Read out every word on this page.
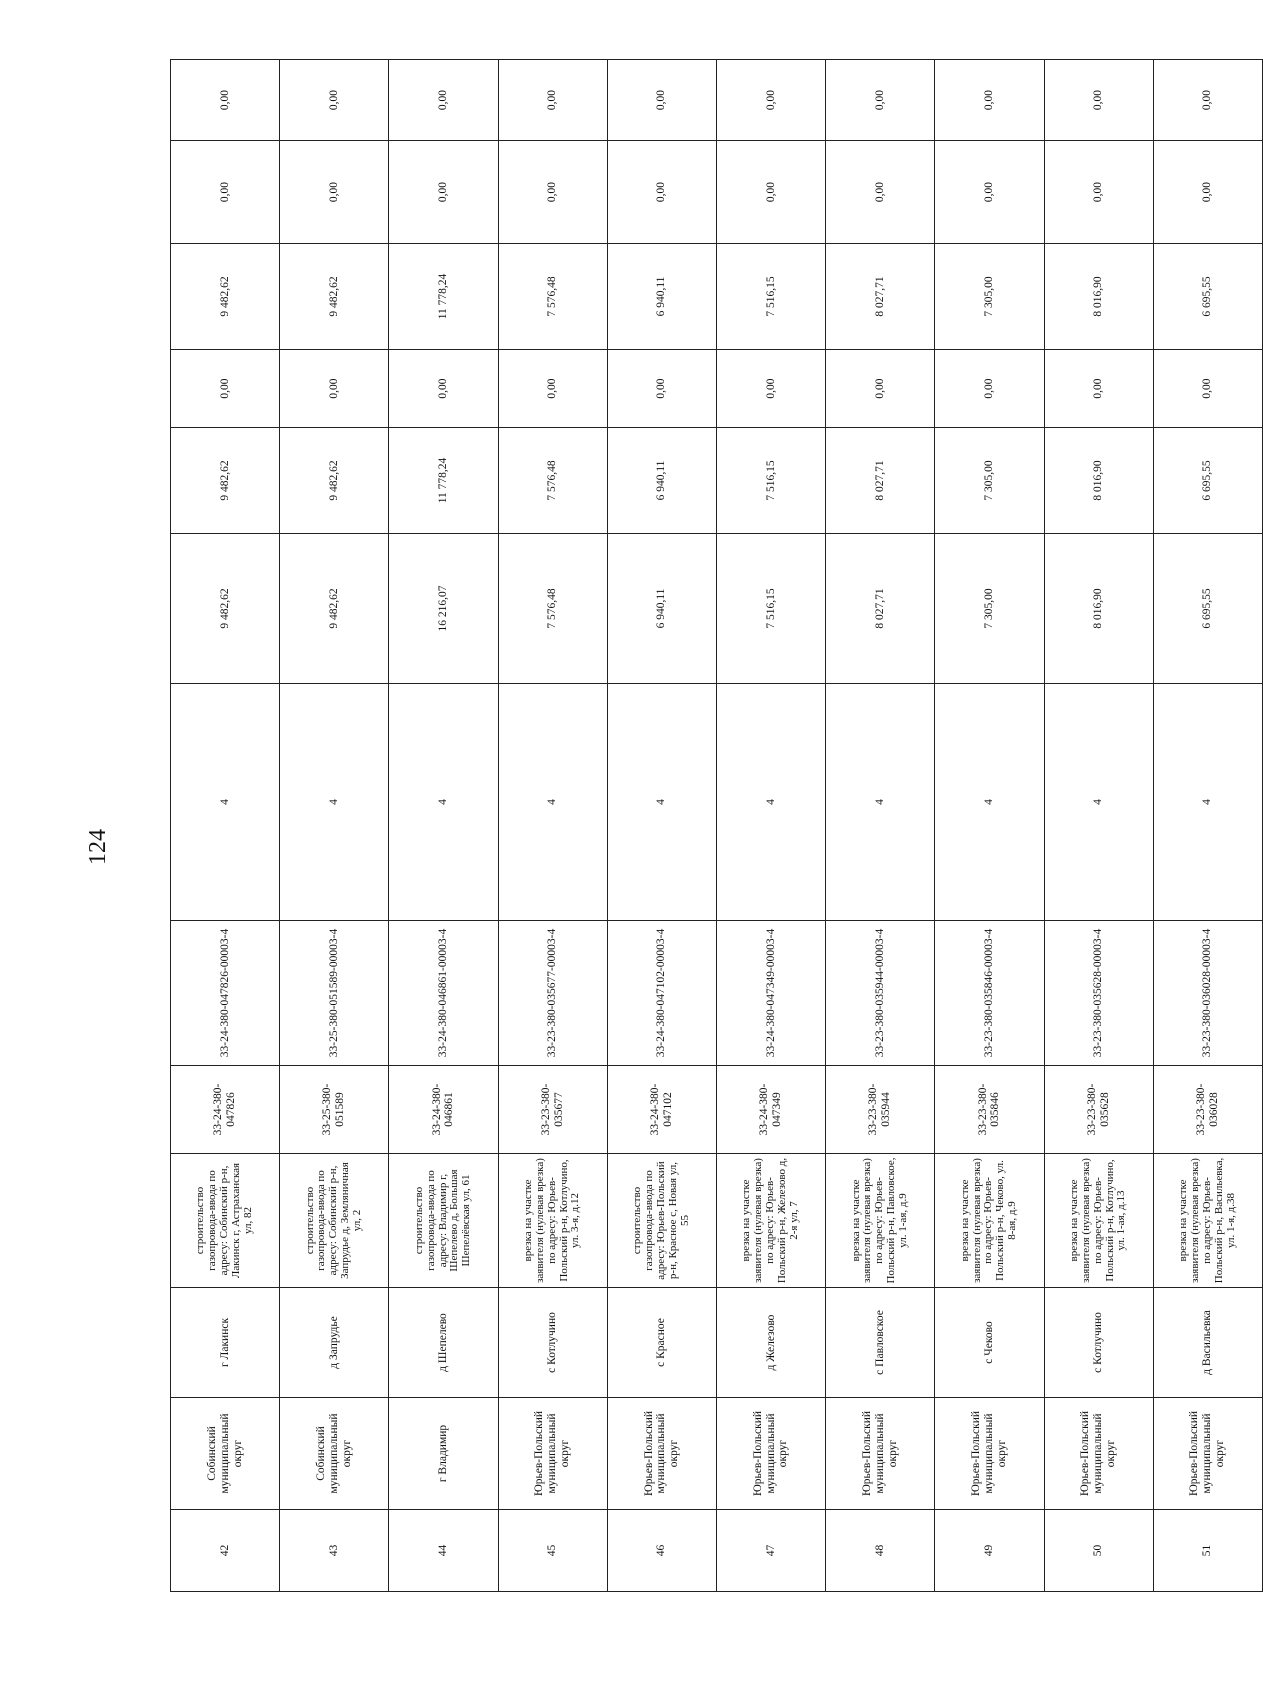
124
42	Собинский муниципальный округ	г Лакинск	строительство газопровода-ввода по адресу: Собинский р-н, Лакинск г, Астраханская ул, 82	33-24-380-047826	33-24-380-047826-00003-4	4	9 482,62	9 482,62	0,00	9 482,62	0,00	0,00
43	Собинский муниципальный округ	д Запрудье	строительство газопровода-ввода по адресу: Собинский р-н, Запрудье д, Земляничная ул, 2	33-25-380-051589	33-25-380-051589-00003-4	4	9 482,62	9 482,62	0,00	9 482,62	0,00	0,00
44	г Владимир	д Шепелево	строительство газопровода-ввода по адресу: Владимир г, Шепелево д, Большая Шепелёвская ул, 61	33-24-380-046861	33-24-380-046861-00003-4	4	16 216,07	11 778,24	0,00	11 778,24	0,00	0,00
45	Юрьев-Польский муниципальный округ	с Котлучино	врезка на участке заявителя (нулевая врезка) по адресу: Юрьев-Польский р-н, Котлучино, ул. 3-я, д.12	33-23-380-035677	33-23-380-035677-00003-4	4	7 576,48	7 576,48	0,00	7 576,48	0,00	0,00
46	Юрьев-Польский муниципальный округ	с Красное	строительство газопровода-ввода по адресу: Юрьев-Польский р-н, Красное с, Новая ул, 55	33-24-380-047102	33-24-380-047102-00003-4	4	6 940,11	6 940,11	0,00	6 940,11	0,00	0,00
47	Юрьев-Польский муниципальный округ	д Железово	врезка на участке заявителя (нулевая врезка) по адресу: Юрьев-Польский р-н, Железово д, 2-я ул, 7	33-24-380-047349	33-24-380-047349-00003-4	4	7 516,15	7 516,15	0,00	7 516,15	0,00	0,00
48	Юрьев-Польский муниципальный округ	с Павловское	врезка на участке заявителя (нулевая врезка) по адресу: Юрьев-Польский р-н, Павловское, ул. 1-ая, д.9	33-23-380-035944	33-23-380-035944-00003-4	4	8 027,71	8 027,71	0,00	8 027,71	0,00	0,00
49	Юрьев-Польский муниципальный округ	с Чеково	врезка на участке заявителя (нулевая врезка) по адресу: Юрьев-Польский р-н, Чеково, ул. 8-ая, д.9	33-23-380-035846	33-23-380-035846-00003-4	4	7 305,00	7 305,00	0,00	7 305,00	0,00	0,00
50	Юрьев-Польский муниципальный округ	с Котлучино	врезка на участке заявителя (нулевая врезка) по адресу: Юрьев-Польский р-н, Котлучино, ул. 1-ая, д.13	33-23-380-035628	33-23-380-035628-00003-4	4	8 016,90	8 016,90	0,00	8 016,90	0,00	0,00
51	Юрьев-Польский муниципальный округ	д Васильевка	врезка на участке заявителя (нулевая врезка) по адресу: Юрьев-Польский р-н, Васильевка, ул. 1-я, д.38	33-23-380-036028	33-23-380-036028-00003-4	4	6 695,55	6 695,55	0,00	6 695,55	0,00	0,00
